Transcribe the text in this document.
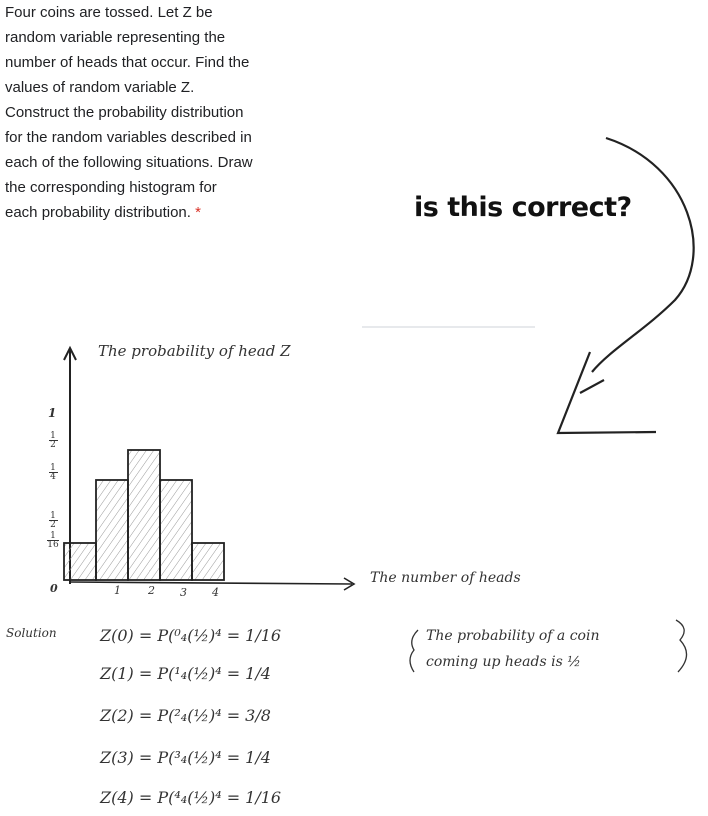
Four coins are tossed. Let Z be
random variable representing the
number of heads that occur. Find the
values of random variable Z.
Construct the probability distribution
for the random variables described in
each of the following situations. Draw
the corresponding histogram for
each probability distribution. *	is this correct?
The probability of head Z
The number of heads
1
1
2
1
4
1
2
1
16
0	1 2 3 4
Solution	Z(0) = P(⁰₄(½)⁴ = 1/16
Z(1) = P(¹₄(½)⁴ = 1/4
Z(2) = P(²₄(½)⁴ = 3/8
Z(3) = P(³₄(½)⁴ = 1/4
Z(4) = P(⁴₄(½)⁴ = 1/16
The probability of a coin
coming up heads is ½
